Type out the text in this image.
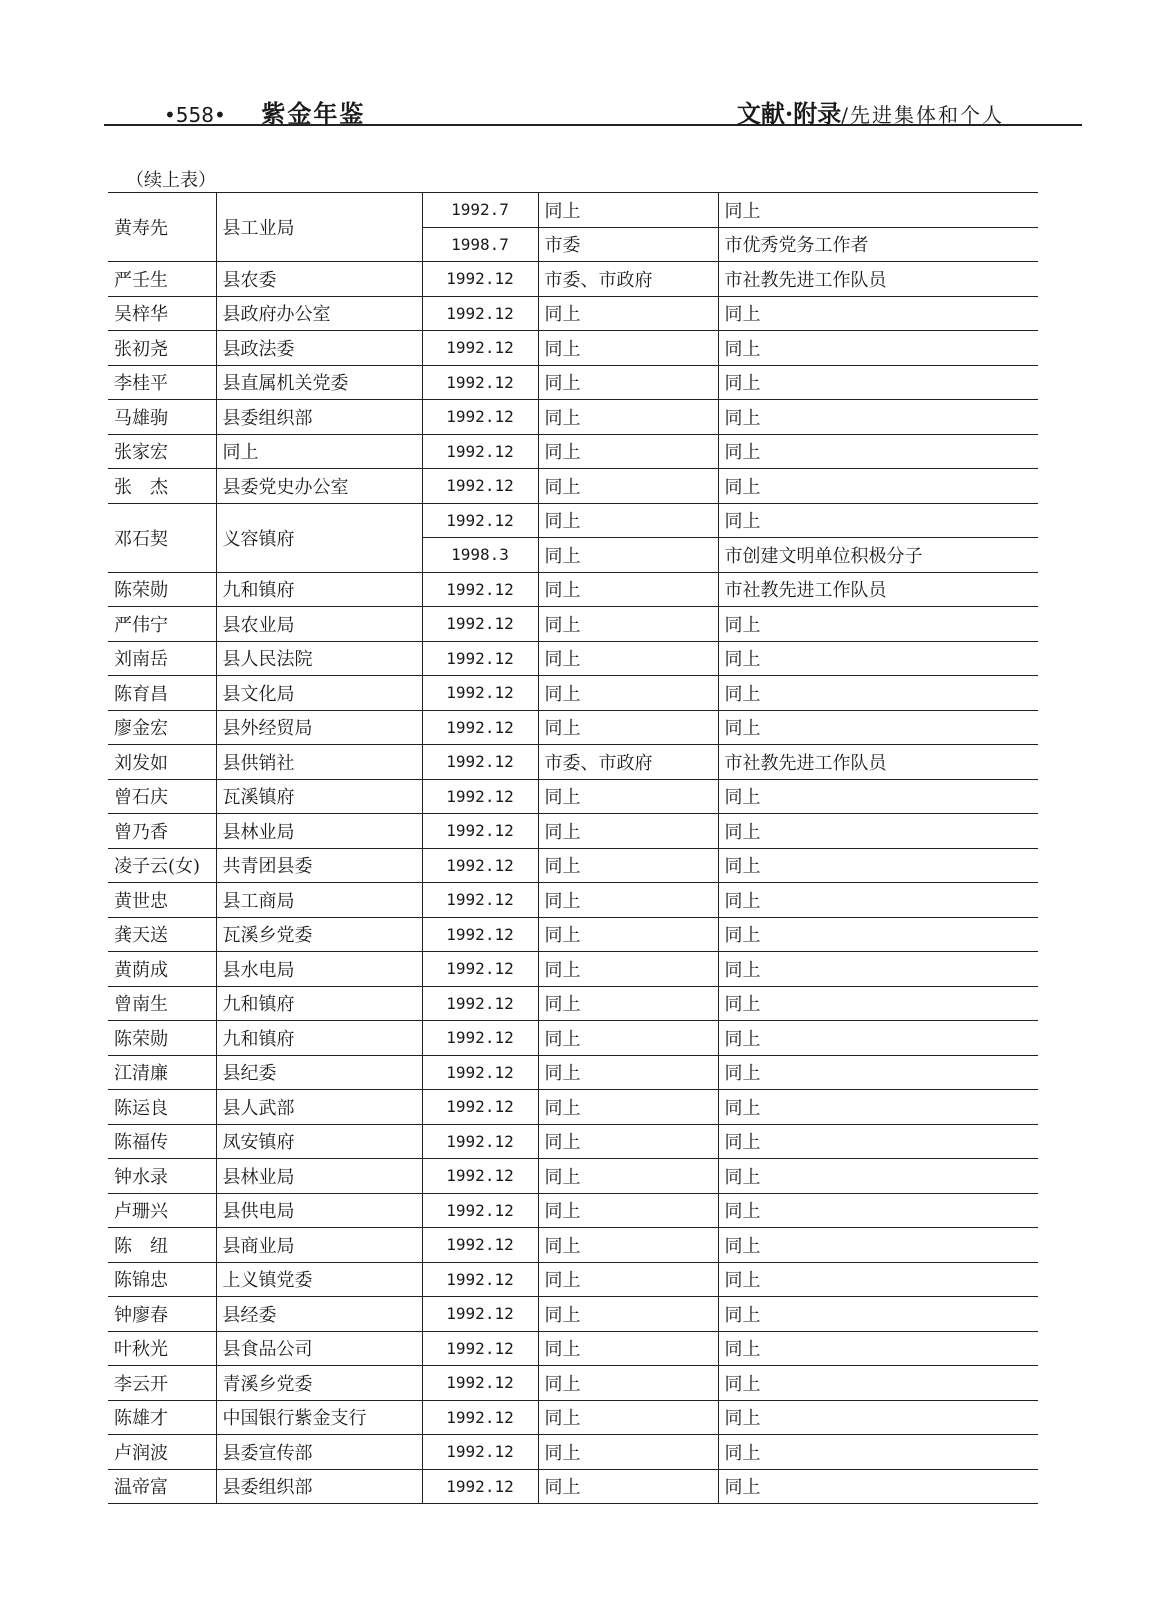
•558• 紫金年鉴	文献·附录/先进集体和个人
（续上表）
黄寿先	县工业局	1992.7	同上	同上
		1998.7	市委	市优秀党务工作者
严壬生	县农委	1992.12	市委、市政府	市社教先进工作队员
吴梓华	县政府办公室	1992.12	同上	同上
张初尧	县政法委	1992.12	同上	同上
李桂平	县直属机关党委	1992.12	同上	同上
马雄驹	县委组织部	1992.12	同上	同上
张家宏	同上	1992.12	同上	同上
张　杰	县委党史办公室	1992.12	同上	同上
邓石契	义容镇府	1992.12	同上	同上
		1998.3	同上	市创建文明单位积极分子
陈荣勋	九和镇府	1992.12	同上	市社教先进工作队员
严伟宁	县农业局	1992.12	同上	同上
刘南岳	县人民法院	1992.12	同上	同上
陈育昌	县文化局	1992.12	同上	同上
廖金宏	县外经贸局	1992.12	同上	同上
刘发如	县供销社	1992.12	市委、市政府	市社教先进工作队员
曾石庆	瓦溪镇府	1992.12	同上	同上
曾乃香	县林业局	1992.12	同上	同上
凌子云(女)	共青团县委	1992.12	同上	同上
黄世忠	县工商局	1992.12	同上	同上
龚天送	瓦溪乡党委	1992.12	同上	同上
黄荫成	县水电局	1992.12	同上	同上
曾南生	九和镇府	1992.12	同上	同上
陈荣勋	九和镇府	1992.12	同上	同上
江清廉	县纪委	1992.12	同上	同上
陈运良	县人武部	1992.12	同上	同上
陈福传	凤安镇府	1992.12	同上	同上
钟水录	县林业局	1992.12	同上	同上
卢珊兴	县供电局	1992.12	同上	同上
陈　纽	县商业局	1992.12	同上	同上
陈锦忠	上义镇党委	1992.12	同上	同上
钟廖春	县经委	1992.12	同上	同上
叶秋光	县食品公司	1992.12	同上	同上
李云开	青溪乡党委	1992.12	同上	同上
陈雄才	中国银行紫金支行	1992.12	同上	同上
卢润波	县委宣传部	1992.12	同上	同上
温帝富	县委组织部	1992.12	同上	同上
